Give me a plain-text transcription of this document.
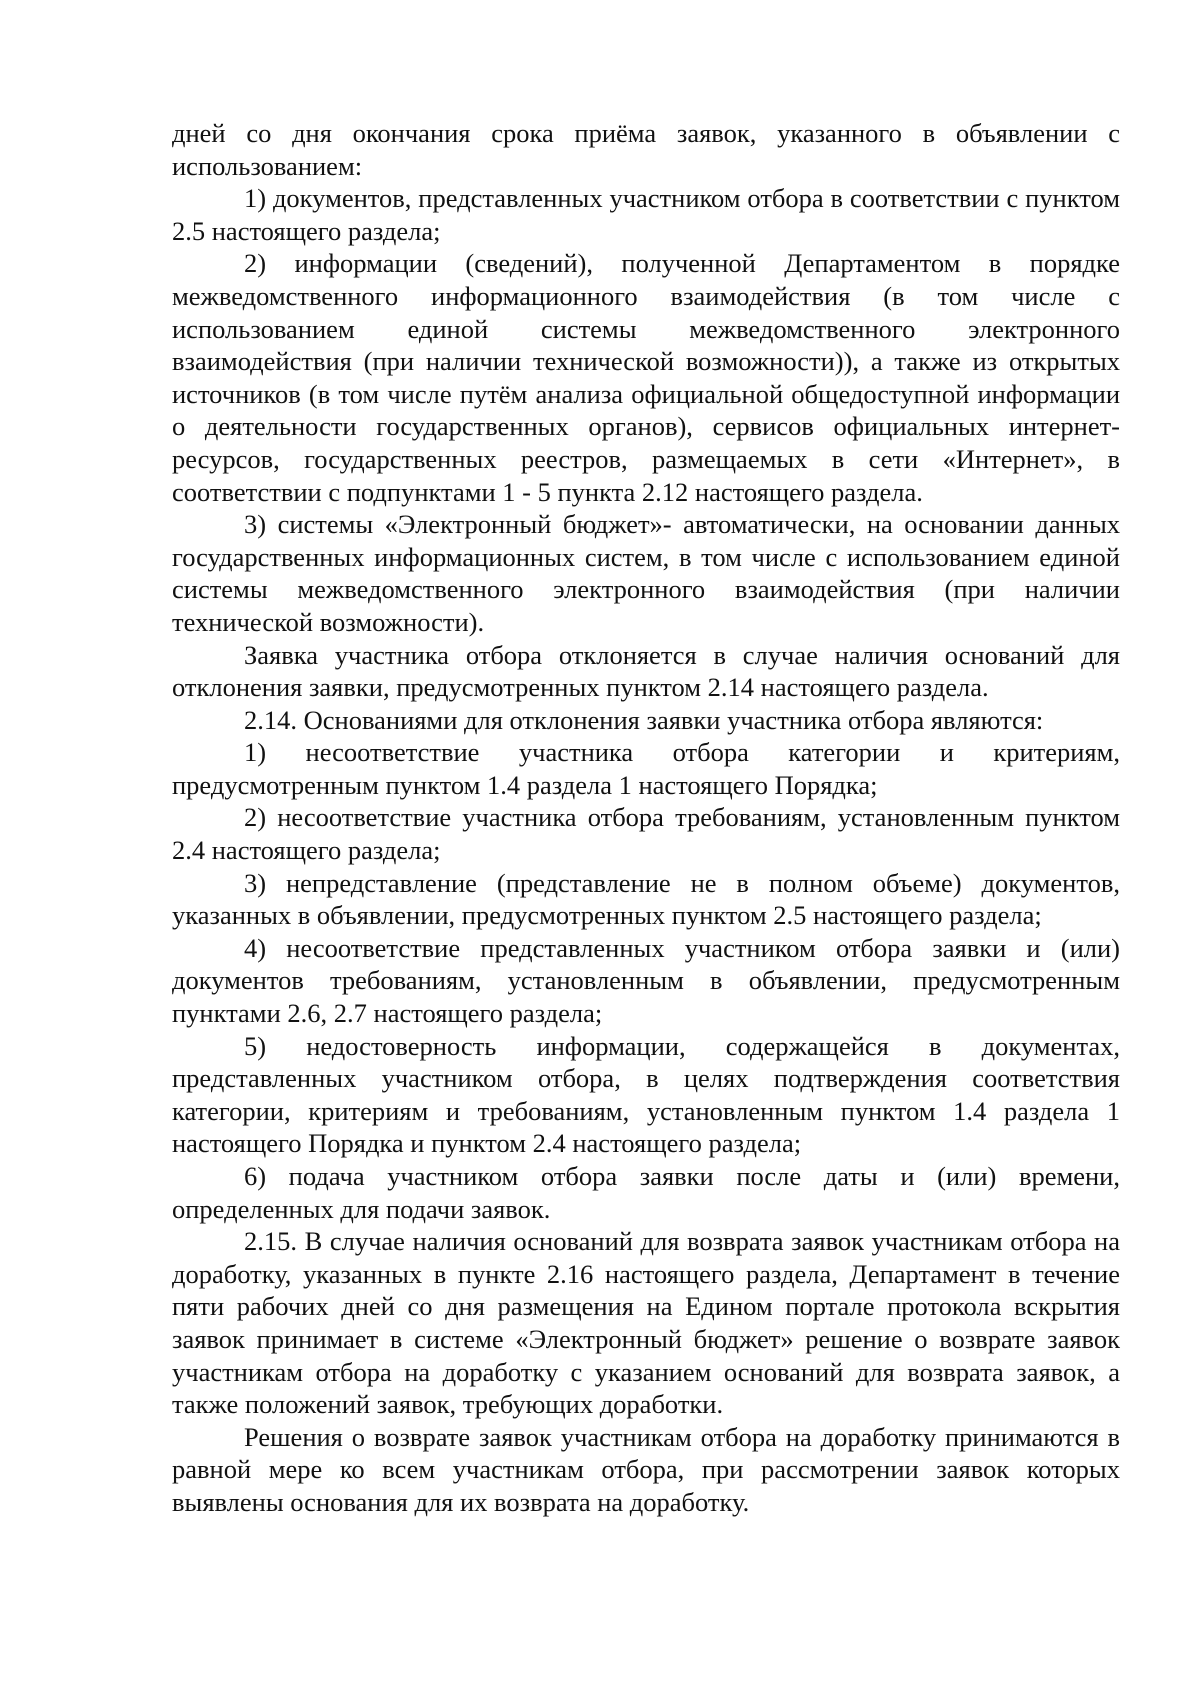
дней со дня окончания срока приёма заявок, указанного в объявлении с использованием:

1) документов, представленных участником отбора в соответствии с пунктом 2.5 настоящего раздела;

2) информации (сведений), полученной Департаментом в порядке межведомственного информационного взаимодействия (в том числе с использованием единой системы межведомственного электронного взаимодействия (при наличии технической возможности)), а также из открытых источников (в том числе путём анализа официальной общедоступной информации о деятельности государственных органов), сервисов официальных интернет-ресурсов, государственных реестров, размещаемых в сети «Интернет», в соответствии с подпунктами 1 - 5 пункта 2.12 настоящего раздела.

3) системы «Электронный бюджет»- автоматически, на основании данных государственных информационных систем, в том числе с использованием единой системы межведомственного электронного взаимодействия (при наличии технической возможности).

Заявка участника отбора отклоняется в случае наличия оснований для отклонения заявки, предусмотренных пунктом 2.14 настоящего раздела.

2.14. Основаниями для отклонения заявки участника отбора являются:

1) несоответствие участника отбора категории и критериям, предусмотренным пунктом 1.4 раздела 1 настоящего Порядка;

2) несоответствие участника отбора требованиям, установленным пунктом 2.4 настоящего раздела;

3) непредставление (представление не в полном объеме) документов, указанных в объявлении, предусмотренных пунктом 2.5 настоящего раздела;

4) несоответствие представленных участником отбора заявки и (или) документов требованиям, установленным в объявлении, предусмотренным пунктами 2.6, 2.7 настоящего раздела;

5) недостоверность информации, содержащейся в документах, представленных участником отбора, в целях подтверждения соответствия категории, критериям и требованиям, установленным пунктом 1.4 раздела 1 настоящего Порядка и пунктом 2.4 настоящего раздела;

6) подача участником отбора заявки после даты и (или) времени, определенных для подачи заявок.

2.15. В случае наличия оснований для возврата заявок участникам отбора на доработку, указанных в пункте 2.16 настоящего раздела, Департамент в течение пяти рабочих дней со дня размещения на Едином портале протокола вскрытия заявок принимает в системе «Электронный бюджет» решение о возврате заявок участникам отбора на доработку с указанием оснований для возврата заявок, а также положений заявок, требующих доработки.

Решения о возврате заявок участникам отбора на доработку принимаются в равной мере ко всем участникам отбора, при рассмотрении заявок которых выявлены основания для их возврата на доработку.
